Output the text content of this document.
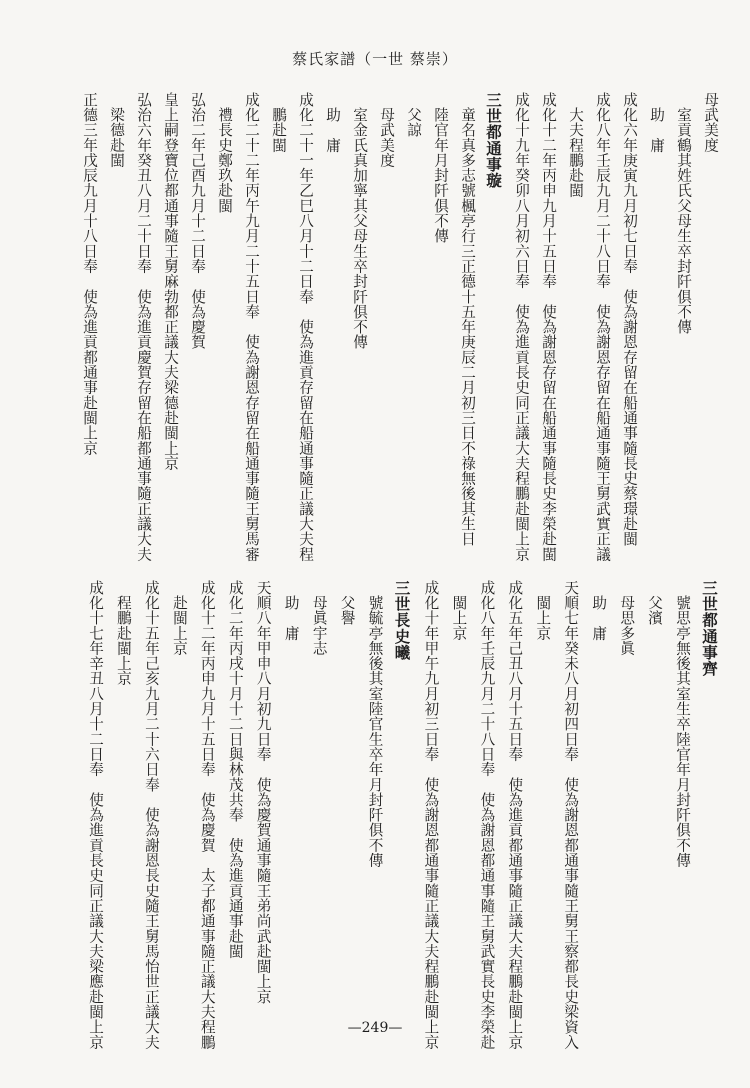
蔡氏家譜（一世 蔡崇）
母武美度
　室貢鶴其姓氏父母生卒封阡俱不傳
　助　庸
成化六年庚寅九月初七日奉　使為謝恩存留在船通事隨長史蔡璟赴閩
成化八年壬辰九月二十八日奉　使為謝恩存留在船通事隨王舅武實正議
　大夫程鵬赴閩
成化十二年丙申九月十五日奉　使為謝恩存留在船通事隨長史李榮赴閩
成化十九年癸卯八月初六日奉　使為進貢長史同正議大夫程鵬赴閩上京
三世都通事璇
　童名真多志號楓亭行三正德十五年庚辰二月初三日不祿無後其生日
　陸官年月封阡俱不傳
　父諒
　母武美度
　室金氏真加寧其父母生卒封阡俱不傳
　助　庸
成化二十一年乙巳八月十二日奉　使為進貢存留在船通事隨正議大夫程
　鵬赴閩
成化二十二年丙午九月二十五日奉　使為謝恩存留在船通事隨王舅馬審
　禮長史鄭玖赴閩
弘治二年己酉九月十二日奉　使為慶賀
皇上嗣登寶位都通事隨王舅麻勃都正議大夫梁德赴閩上京
弘治六年癸丑八月二十日奉　使為進貢慶賀存留在船都通事隨正議大夫
　梁德赴閩
正德三年戊辰九月十八日奉　使為進貢都通事赴閩上京
三世都通事齊
　號思亭無後其室生卒陸官年月封阡俱不傳
　父濱
　母思多眞
　助　庸
天順七年癸未八月初四日奉　使為謝恩都通事隨王舅王察都長史梁資入
　閩上京
成化五年己丑八月十五日奉　使為進貢都通事隨正議大夫程鵬赴閩上京
成化八年壬辰九月二十八日奉　使為謝恩都通事隨王舅武實長史李榮赴
　閩上京
成化十年甲午九月初三日奉　使為謝恩都通事隨正議大夫程鵬赴閩上京
三世長史曦
　號毓亭無後其室陸官生卒年月封阡俱不傳
　父譽
　母眞宇志
　助　庸
天順八年甲申八月初九日奉　使為慶賀通事隨王弟尚武赴閩上京
成化二年丙戌十月十二日與林茂共奉　使為進貢通事赴閩
成化十二年丙申九月十五日奉　使為慶賀　太子都通事隨正議大夫程鵬
　赴閩上京
成化十五年己亥九月二十六日奉　使為謝恩長史隨王舅馬怡世正議大夫
　程鵬赴閩上京
成化十七年辛丑八月十二日奉　使為進貢長史同正議大夫梁應赴閩上京	—249—
